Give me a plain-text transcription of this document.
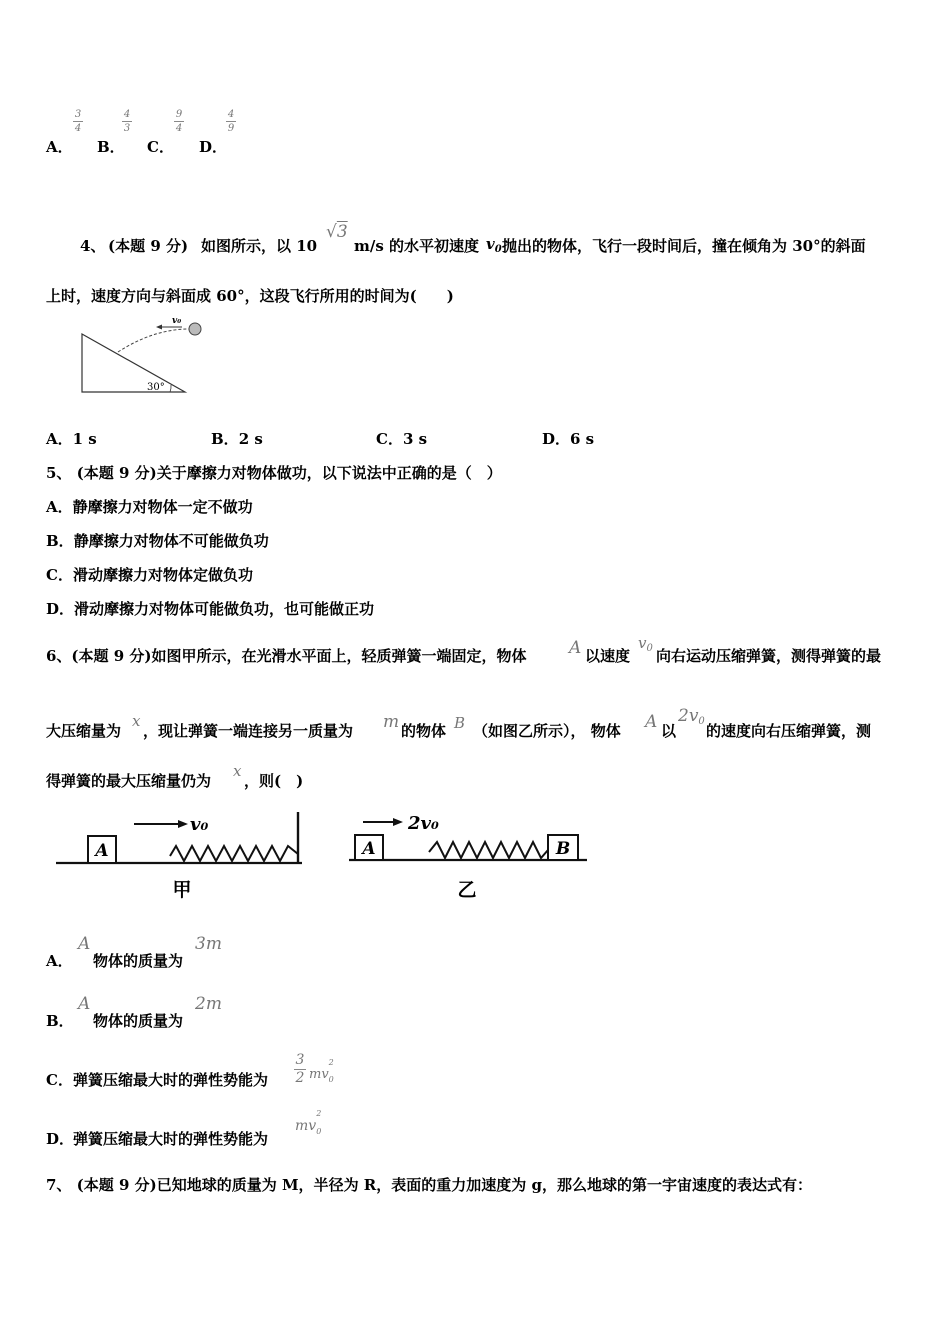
A．
3
4
B．
4
3
C．
9
4
D．
4
9
4、 (本题 9 分) 如图所示，以 10
√3
m/s 的水平初速度 $v_0$ 抛出的物体，飞行一段时间后，撞在倾角为 30°的斜面
上时，速度方向与斜面成 60°，这段飞行所用的时间为(　　)
v₀
30°
A．1 s	B．2 s	C．3 s	D．6 s
5、 (本题 9 分)关于摩擦力对物体做功，以下说法中正确的是（　）
A．静摩擦力对物体一定不做功
B．静摩擦力对物体不可能做负功
C．滑动摩擦力对物体定做负功
D．滑动摩擦力对物体可能做负功，也可能做正功
6、(本题 9 分)如图甲所示，在光滑水平面上，轻质弹簧一端固定，物体 A 以速度
$v_0$ 向右运动压缩弹簧，测得弹簧的最
大压缩量为
x
，现让弹簧一端连接另一质量为 m 的物体 B （如图乙所示）， 物体 A 以
$2v_0$
的速度向右压缩弹簧，测
得弹簧的最大压缩量仍为
x
，则(　)
A
v₀
甲
A	B
2v₀
乙
A．
A
物体的质量为
3m
B．
A
物体的质量为
2m
C． 弹簧压缩最大时的弹性势能为
3
2 mv
2
$_0$
D．
弹簧压缩最大时的弹性势能为
mv
2
$_0$
7、 (本题 9 分)已知地球的质量为 M，半径为 R，表面的重力加速度为 g，那么地球的第一宇宙速度的表达式有：
